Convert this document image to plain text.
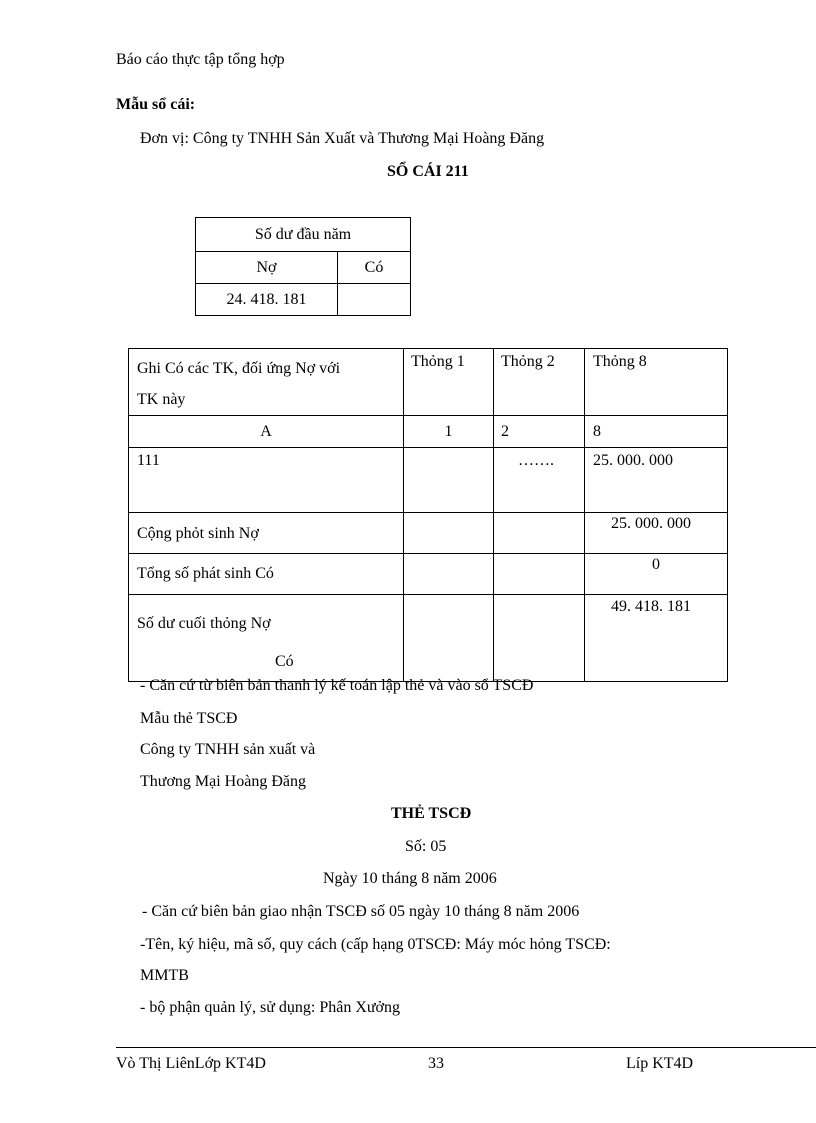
Báo cáo thực tập tổng hợp
Mẫu sổ cái:
Đơn vị: Công ty TNHH Sản Xuất và Thương Mại Hoàng Đăng
SỔ CÁI 211
Số dư đầu năm	
Nợ	Có
24. 418. 181	
Ghi Có các TK, đối ứng Nợ với
TK này	Thỏng 1	Thỏng 2	Thỏng 8
A	1	2	8
111		…….	25. 000. 000
Cộng phỏt sinh Nợ			25. 000. 000
Tổng số phát sinh Có			0

Số dư cuối thỏng Nợ
Có			49. 418. 181
- Căn cứ từ biên bản thanh lý kế toán lập thẻ và vào sổ TSCĐ
Mẫu thẻ TSCĐ
Công ty TNHH sản xuất và
Thương Mại Hoàng Đăng
THẺ TSCĐ
Số: 05
Ngày 10 tháng 8 năm 2006
- Căn cứ biên bản giao nhận TSCĐ số 05 ngày 10 tháng 8 năm 2006
-Tên, ký hiệu, mã số, quy cách (cấp hạng 0TSCĐ: Máy móc hỏng TSCĐ:
MMTB
- bộ phận quản lý, sử dụng: Phân Xưởng
Vò Thị LiênLớp KT4D	33	Líp KT4D
